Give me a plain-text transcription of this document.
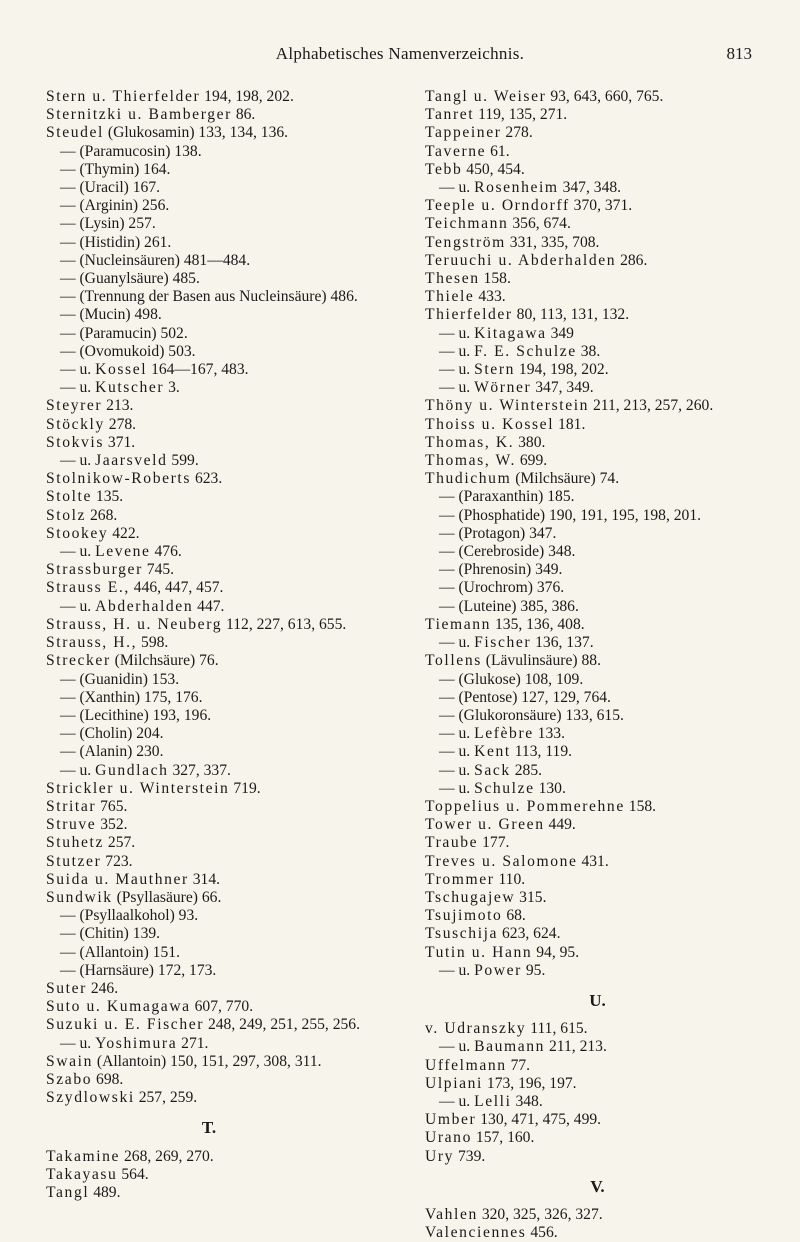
Alphabetisches Namenverzeichnis.	813
Stern u. Thierfelder 194, 198, 202.
Sternitzki u. Bamberger 86.
Steudel (Glukosamin) 133, 134, 136.
— (Paramucosin) 138.
— (Thymin) 164.
— (Uracil) 167.
— (Arginin) 256.
— (Lysin) 257.
— (Histidin) 261.
— (Nucleinsäuren) 481—484.
— (Guanylsäure) 485.
— (Trennung der Basen aus Nucleinsäure) 486.
— (Mucin) 498.
— (Paramucin) 502.
— (Ovomukoid) 503.
— u. Kossel 164—167, 483.
— u. Kutscher 3.
Steyrer 213.
Stöckly 278.
Stokvis 371.
— u. Jaarsveld 599.
Stolnikow-Roberts 623.
Stolte 135.
Stolz 268.
Stookey 422.
— u. Levene 476.
Strassburger 745.
Strauss E., 446, 447, 457.
— u. Abderhalden 447.
Strauss, H. u. Neuberg 112, 227, 613, 655.
Strauss, H., 598.
Strecker (Milchsäure) 76.
— (Guanidin) 153.
— (Xanthin) 175, 176.
— (Lecithine) 193, 196.
— (Cholin) 204.
— (Alanin) 230.
— u. Gundlach 327, 337.
Strickler u. Winterstein 719.
Stritar 765.
Struve 352.
Stuhetz 257.
Stutzer 723.
Suida u. Mauthner 314.
Sundwik (Psyllasäure) 66.
— (Psyllaalkohol) 93.
— (Chitin) 139.
— (Allantoin) 151.
— (Harnsäure) 172, 173.
Suter 246.
Suto u. Kumagawa 607, 770.
Suzuki u. E. Fischer 248, 249, 251, 255, 256.
— u. Yoshimura 271.
Swain (Allantoin) 150, 151, 297, 308, 311.
Szabo 698.
Szydlowski 257, 259.
T.
Takamine 268, 269, 270.
Takayasu 564.
Tangl 489.
Tangl u. Weiser 93, 643, 660, 765.
Tanret 119, 135, 271.
Tappeiner 278.
Taverne 61.
Tebb 450, 454.
— u. Rosenheim 347, 348.
Teeple u. Orndorff 370, 371.
Teichmann 356, 674.
Tengström 331, 335, 708.
Teruuchi u. Abderhalden 286.
Thesen 158.
Thiele 433.
Thierfelder 80, 113, 131, 132.
— u. Kitagawa 349
— u. F. E. Schulze 38.
— u. Stern 194, 198, 202.
— u. Wörner 347, 349.
Thöny u. Winterstein 211, 213, 257, 260.
Thoiss u. Kossel 181.
Thomas, K. 380.
Thomas, W. 699.
Thudichum (Milchsäure) 74.
— (Paraxanthin) 185.
— (Phosphatide) 190, 191, 195, 198, 201.
— (Protagon) 347.
— (Cerebroside) 348.
— (Phrenosin) 349.
— (Urochrom) 376.
— (Luteine) 385, 386.
Tiemann 135, 136, 408.
— u. Fischer 136, 137.
Tollens (Lävulinsäure) 88.
— (Glukose) 108, 109.
— (Pentose) 127, 129, 764.
— (Glukoronsäure) 133, 615.
— u. Lefèbre 133.
— u. Kent 113, 119.
— u. Sack 285.
— u. Schulze 130.
Toppelius u. Pommerehne 158.
Tower u. Green 449.
Traube 177.
Treves u. Salomone 431.
Trommer 110.
Tschugajew 315.
Tsujimoto 68.
Tsuschija 623, 624.
Tutin u. Hann 94, 95.
— u. Power 95.
U.
v. Udranszky 111, 615.
— u. Baumann 211, 213.
Uffelmann 77.
Ulpiani 173, 196, 197.
— u. Lelli 348.
Umber 130, 471, 475, 499.
Urano 157, 160.
Ury 739.
V.
Vahlen 320, 325, 326, 327.
Valenciennes 456.
